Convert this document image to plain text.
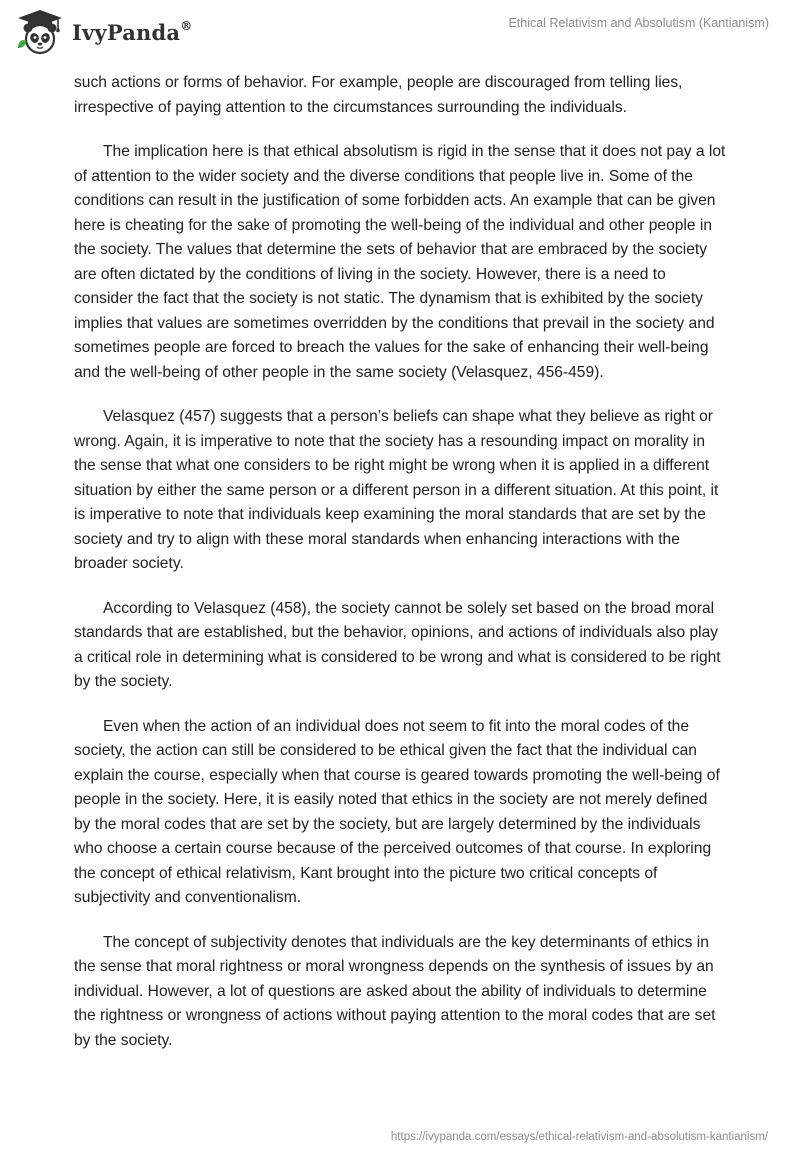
IvyPanda®	Ethical Relativism and Absolutism (Kantianism)

such actions or forms of behavior. For example, people are discouraged from telling lies, irrespective of paying attention to the circumstances surrounding the individuals.

The implication here is that ethical absolutism is rigid in the sense that it does not pay a lot of attention to the wider society and the diverse conditions that people live in. Some of the conditions can result in the justification of some forbidden acts. An example that can be given here is cheating for the sake of promoting the well-being of the individual and other people in the society. The values that determine the sets of behavior that are embraced by the society are often dictated by the conditions of living in the society. However, there is a need to consider the fact that the society is not static. The dynamism that is exhibited by the society implies that values are sometimes overridden by the conditions that prevail in the society and sometimes people are forced to breach the values for the sake of enhancing their well-being and the well-being of other people in the same society (Velasquez, 456-459).

Velasquez (457) suggests that a person’s beliefs can shape what they believe as right or wrong. Again, it is imperative to note that the society has a resounding impact on morality in the sense that what one considers to be right might be wrong when it is applied in a different situation by either the same person or a different person in a different situation. At this point, it is imperative to note that individuals keep examining the moral standards that are set by the society and try to align with these moral standards when enhancing interactions with the broader society.

According to Velasquez (458), the society cannot be solely set based on the broad moral standards that are established, but the behavior, opinions, and actions of individuals also play a critical role in determining what is considered to be wrong and what is considered to be right by the society.

Even when the action of an individual does not seem to fit into the moral codes of the society, the action can still be considered to be ethical given the fact that the individual can explain the course, especially when that course is geared towards promoting the well-being of people in the society. Here, it is easily noted that ethics in the society are not merely defined by the moral codes that are set by the society, but are largely determined by the individuals who choose a certain course because of the perceived outcomes of that course. In exploring the concept of ethical relativism, Kant brought into the picture two critical concepts of subjectivity and conventionalism.

The concept of subjectivity denotes that individuals are the key determinants of ethics in the sense that moral rightness or moral wrongness depends on the synthesis of issues by an individual. However, a lot of questions are asked about the ability of individuals to determine the rightness or wrongness of actions without paying attention to the moral codes that are set by the society.

https://ivypanda.com/essays/ethical-relativism-and-absolutism-kantianism/
